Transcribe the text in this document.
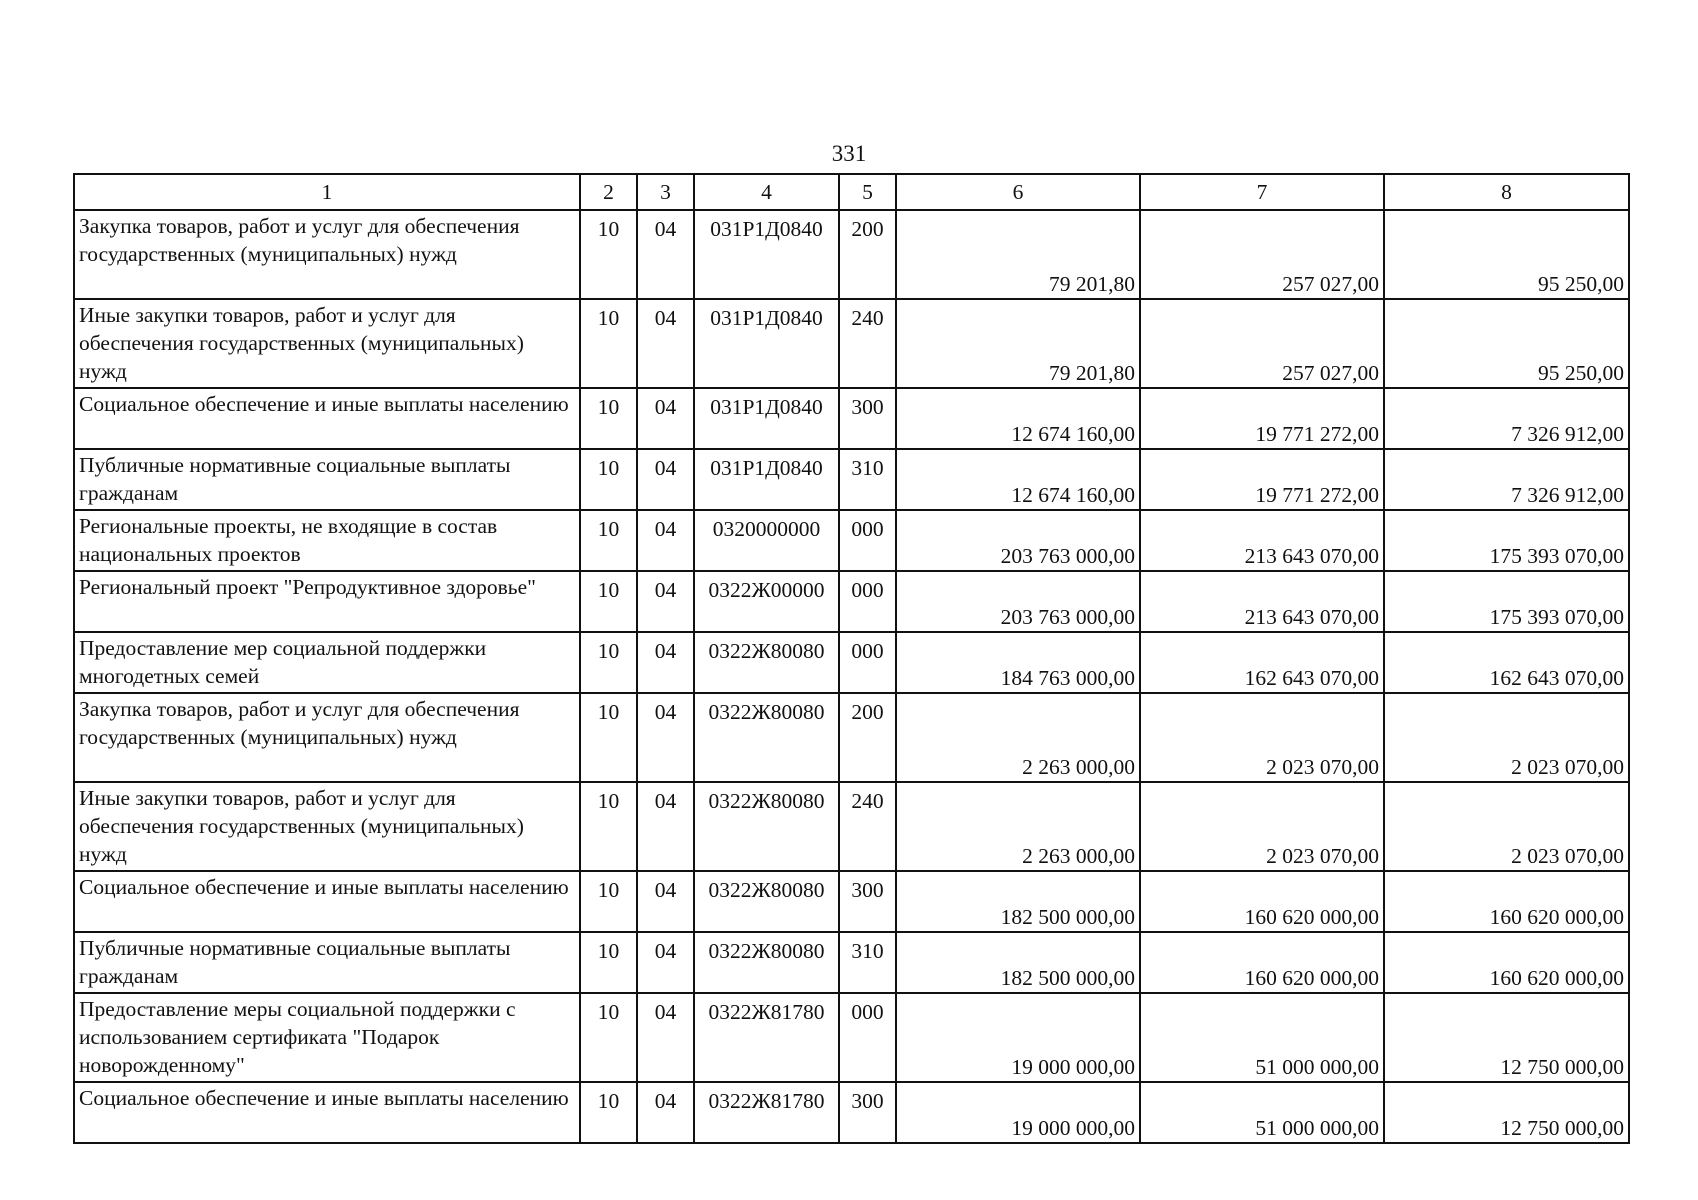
331
1	2	3	4	5	6	7	8
Закупка товаров, работ и услуг для обеспечения государственных (муниципальных) нужд	10	04	031Р1Д0840	200	79 201,80	257 027,00	95 250,00
Иные закупки товаров, работ и услуг для обеспечения государственных (муниципальных) нужд	10	04	031Р1Д0840	240	79 201,80	257 027,00	95 250,00
Социальное обеспечение и иные выплаты населению	10	04	031Р1Д0840	300	12 674 160,00	19 771 272,00	7 326 912,00
Публичные нормативные социальные выплаты гражданам	10	04	031Р1Д0840	310	12 674 160,00	19 771 272,00	7 326 912,00
Региональные проекты, не входящие в состав национальных проектов	10	04	0320000000	000	203 763 000,00	213 643 070,00	175 393 070,00
Региональный проект "Репродуктивное здоровье"	10	04	0322Ж00000	000	203 763 000,00	213 643 070,00	175 393 070,00
Предоставление мер социальной поддержки многодетных семей	10	04	0322Ж80080	000	184 763 000,00	162 643 070,00	162 643 070,00
Закупка товаров, работ и услуг для обеспечения государственных (муниципальных) нужд	10	04	0322Ж80080	200	2 263 000,00	2 023 070,00	2 023 070,00
Иные закупки товаров, работ и услуг для обеспечения государственных (муниципальных) нужд	10	04	0322Ж80080	240	2 263 000,00	2 023 070,00	2 023 070,00
Социальное обеспечение и иные выплаты населению	10	04	0322Ж80080	300	182 500 000,00	160 620 000,00	160 620 000,00
Публичные нормативные социальные выплаты гражданам	10	04	0322Ж80080	310	182 500 000,00	160 620 000,00	160 620 000,00
Предоставление меры социальной поддержки с использованием сертификата "Подарок новорожденному"	10	04	0322Ж81780	000	19 000 000,00	51 000 000,00	12 750 000,00
Социальное обеспечение и иные выплаты населению	10	04	0322Ж81780	300	19 000 000,00	51 000 000,00	12 750 000,00
